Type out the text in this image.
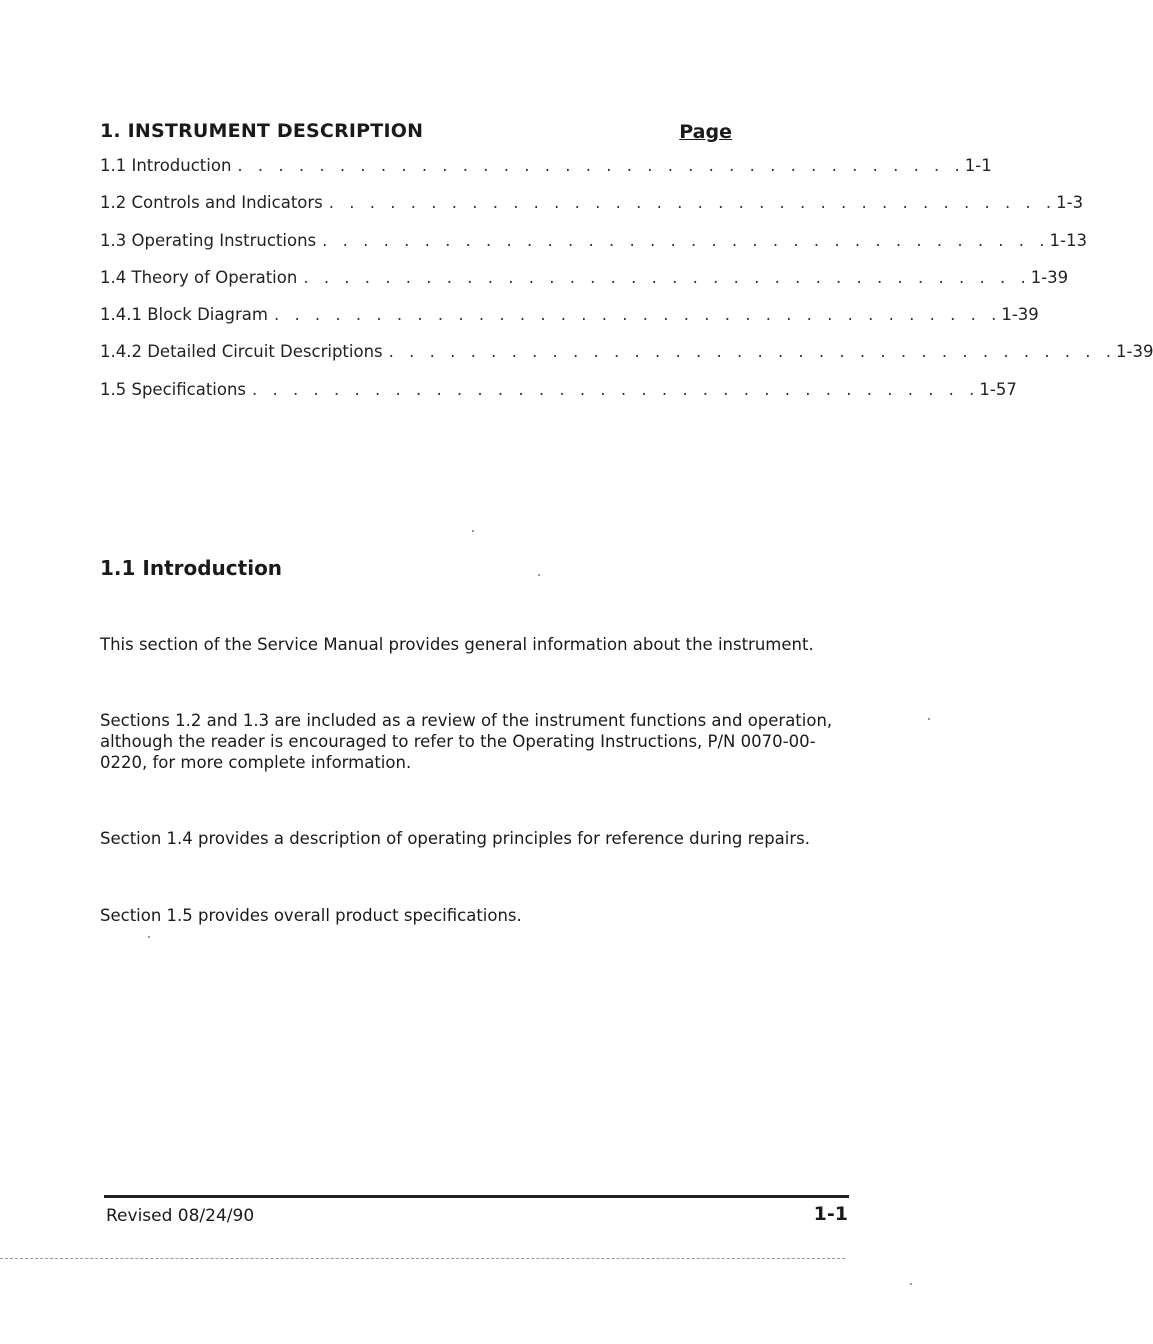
1. INSTRUMENT DESCRIPTION	Page
1.1 Introduction . . . . . . . . . . . . . . . . . . . . . . . . . . . . . . . . . . . . 1-1
1.2 Controls and Indicators . . . . . . . . . . . . . . . . . . . . . . . . . . . . . . . . . . . . 1-3
1.3 Operating Instructions . . . . . . . . . . . . . . . . . . . . . . . . . . . . . . . . . . . . 1-13
1.4 Theory of Operation . . . . . . . . . . . . . . . . . . . . . . . . . . . . . . . . . . . . 1-39
1.4.1 Block Diagram . . . . . . . . . . . . . . . . . . . . . . . . . . . . . . . . . . . . 1-39
1.4.2 Detailed Circuit Descriptions . . . . . . . . . . . . . . . . . . . . . . . . . . . . . . . . . . . . 1-39
1.5 Specifications . . . . . . . . . . . . . . . . . . . . . . . . . . . . . . . . . . . . 1-57
1.1 Introduction
This section of the Service Manual provides general information about the instrument.
Sections 1.2 and 1.3 are included as a review of the instrument functions and operation, although the reader is encouraged to refer to the Operating Instructions, P/N 0070-00-0220, for more complete information.
Section 1.4 provides a description of operating principles for reference during repairs.
Section 1.5 provides overall product specifications.
Revised 08/24/90	1-1
